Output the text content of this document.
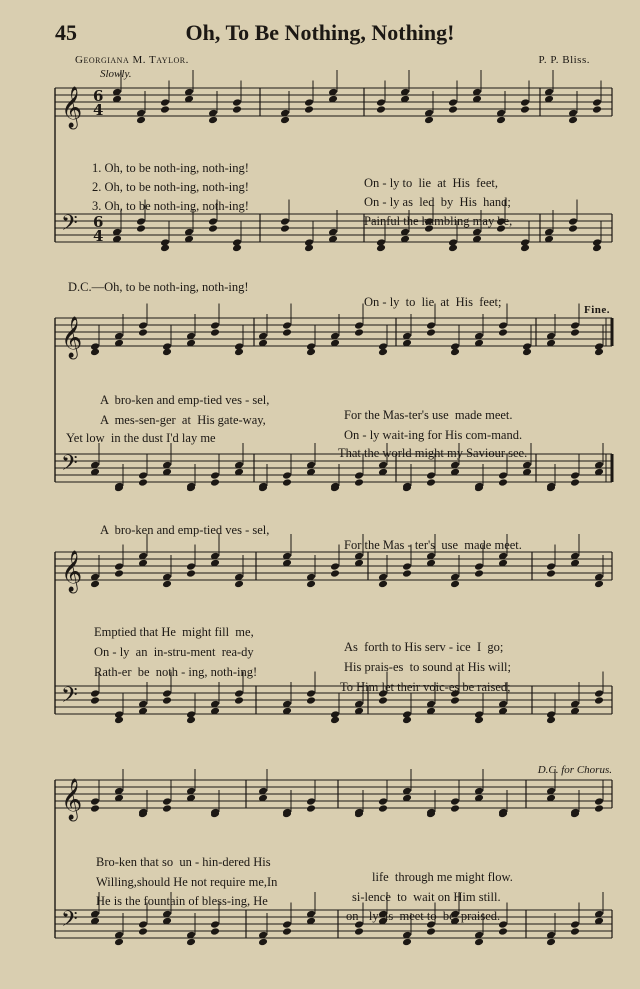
45	Oh, To Be Nothing, Nothing!
Georgiana M. Taylor.	P. P. Bliss.
Slowly.
Fine.
D.C. for Chorus.
𝄞
𝄢
𝄞
𝄢
𝄞
𝄢
𝄞
𝄢
6
4
6
4

1. Oh, to be noth-ing, noth-ing!

On - ly to  lie  at  His  feet,

2. Oh, to be noth-ing, noth-ing!

On - ly as  led  by  His  hand;

3. Oh, to be noth-ing, noth-ing!

Painful the humbling may be,

D.C.—Oh, to be noth-ing, noth-ing!

On - ly  to  lie  at  His  feet;

A  bro-ken and emp-tied ves - sel,

For the Mas-ter's use  made meet.

A  mes-sen-ger  at  His gate-way,

On - ly wait-ing for His com-mand.

Yet low  in the dust I'd lay me

That the world might my Saviour see.

A  bro-ken and emp-tied ves - sel,

For the Mas - ter's  use  made meet.

Emptied that He  might fill  me,

As  forth to His serv - ice  I  go;

On - ly  an  in-stru-ment  rea-dy

His prais-es  to sound at His will;

Rath-er  be  noth - ing, noth-ing!

To Him let their voic-es be raised;

Bro-ken that so  un - hin-dered His

life  through me might flow.

Willing,should He not require me,In

si-lence  to  wait on Him still.

He is the fountain of bless-ing, He

on - ly  is  meet to  be  praised.
